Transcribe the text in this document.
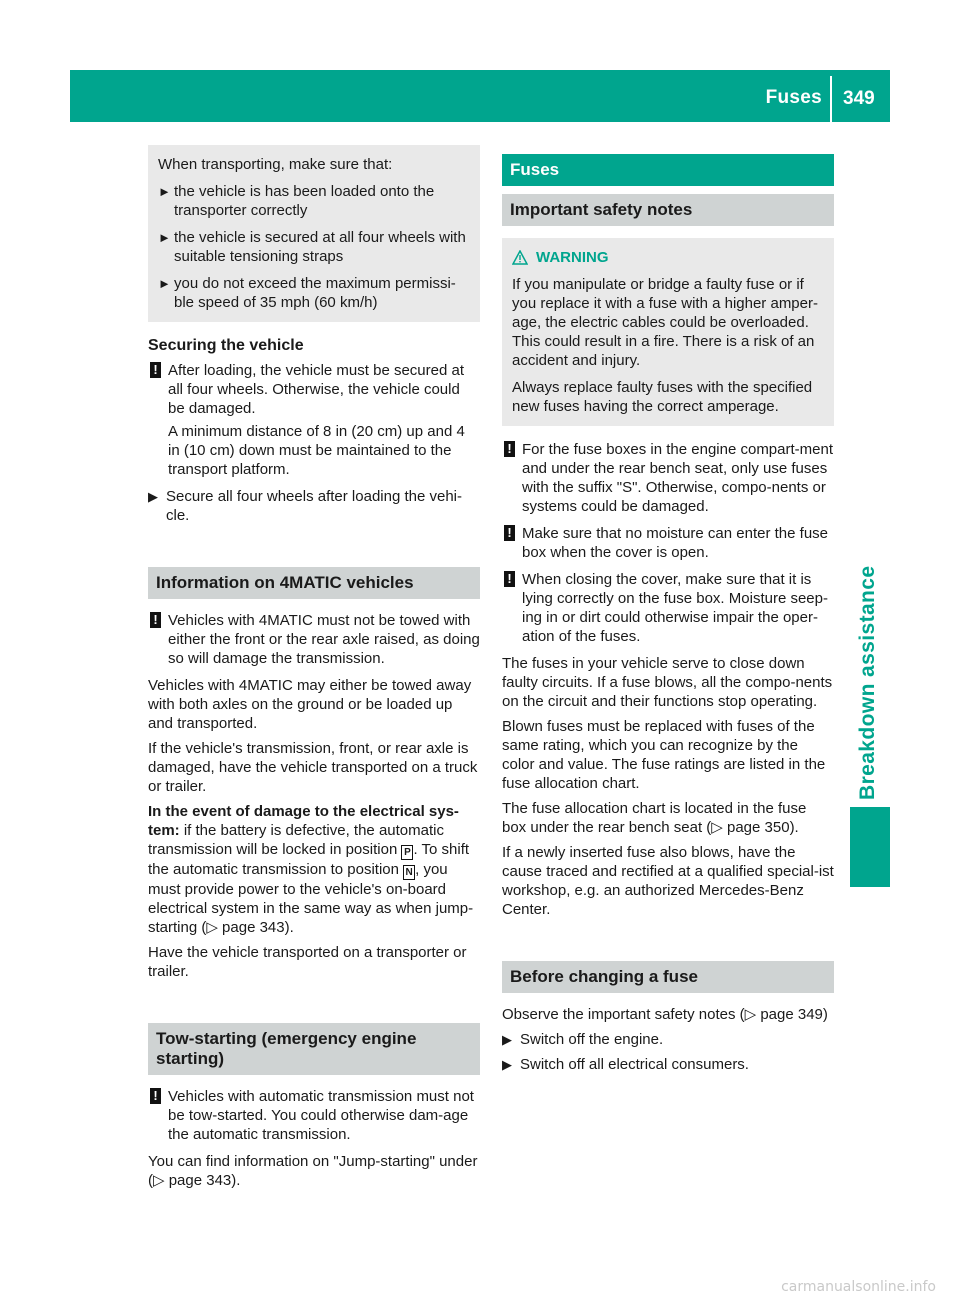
Fuses 349
Breakdown assistance

When transporting, make sure that:

► the vehicle is has been loaded onto the transporter correctly
► the vehicle is secured at all four wheels with suitable tensioning straps
► you do not exceed the maximum permissi-ble speed of 35 mph (60 km/h)
Securing the vehicle
! After loading, the vehicle must be secured at all four wheels. Otherwise, the vehicle could be damaged.
A minimum distance of 8 in (20 cm) up and 4 in (10 cm) down must be maintained to the transport platform.
▶ Secure all four wheels after loading the vehi-cle.
Information on 4MATIC vehicles
! Vehicles with 4MATIC must not be towed with either the front or the rear axle raised, as doing so will damage the transmission.

Vehicles with 4MATIC may either be towed away with both axles on the ground or be loaded up and transported.

If the vehicle's transmission, front, or rear axle is damaged, have the vehicle transported on a truck or trailer.

In the event of damage to the electrical sys-tem: if the battery is defective, the automatic transmission will be locked in position P . To shift the automatic transmission to position N , you must provide power to the vehicle's on-board electrical system in the same way as when jump-starting (▷ page 343).

Have the vehicle transported on a transporter or trailer.

Tow-starting (emergency engine starting)
! Vehicles with automatic transmission must not be tow-started. You could otherwise dam-age the automatic transmission.

You can find information on "Jump-starting" under (▷ page 343).

Fuses
Important safety notes
WARNING

If you manipulate or bridge a faulty fuse or if you replace it with a fuse with a higher amper-age, the electric cables could be overloaded. This could result in a fire. There is a risk of an accident and injury.

Always replace faulty fuses with the specified new fuses having the correct amperage.

! For the fuse boxes in the engine compart-ment and under the rear bench seat, only use fuses with the suffix "S". Otherwise, compo-nents or systems could be damaged.
! Make sure that no moisture can enter the fuse box when the cover is open.
! When closing the cover, make sure that it is lying correctly on the fuse box. Moisture seep-ing in or dirt could otherwise impair the oper-ation of the fuses.

The fuses in your vehicle serve to close down faulty circuits. If a fuse blows, all the compo-nents on the circuit and their functions stop operating.

Blown fuses must be replaced with fuses of the same rating, which you can recognize by the color and value. The fuse ratings are listed in the fuse allocation chart.

The fuse allocation chart is located in the fuse box under the rear bench seat (▷ page 350).

If a newly inserted fuse also blows, have the cause traced and rectified at a qualified special-ist workshop, e.g. an authorized Mercedes-Benz Center.

Before changing a fuse

Observe the important safety notes (▷ page 349)

▶ Switch off the engine.
▶ Switch off all electrical consumers.
carmanualsonline.info
